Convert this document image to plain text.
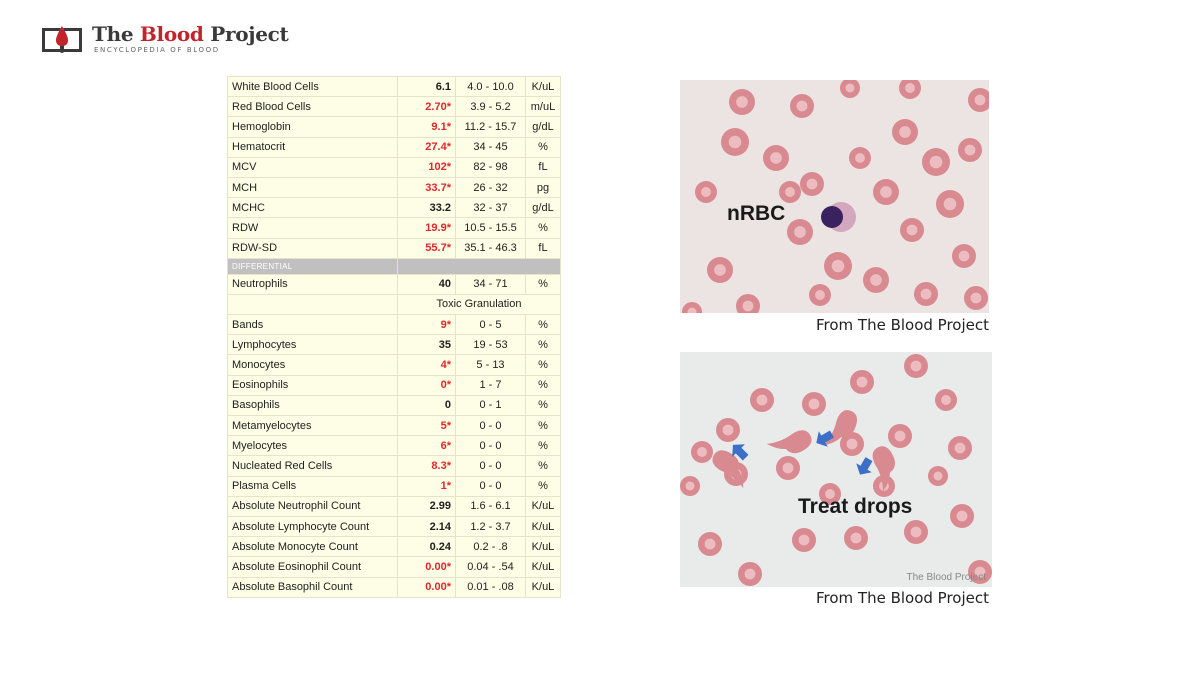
The Blood Project
ENCYCLOPEDIA OF BLOOD
White Blood Cells	6.1	4.0 - 10.0	K/uL
Red Blood Cells	2.70*	3.9 - 5.2	m/uL
Hemoglobin	9.1*	11.2 - 15.7	g/dL
Hematocrit	27.4*	34 - 45	%
MCV	102*	82 - 98	fL
MCH	33.7*	26 - 32	pg
MCHC	33.2	32 - 37	g/dL
RDW	19.9*	10.5 - 15.5	%
RDW-SD	55.7*	35.1 - 46.3	fL
DIFFERENTIAL			
Neutrophils	40	34 - 71	%
	Toxic Granulation		
Bands	9*	0 - 5	%
Lymphocytes	35	19 - 53	%
Monocytes	4*	5 - 13	%
Eosinophils	0*	1 - 7	%
Basophils	0	0 - 1	%
Metamyelocytes	5*	0 - 0	%
Myelocytes	6*	0 - 0	%
Nucleated Red Cells	8.3*	0 - 0	%
Plasma Cells	1*	0 - 0	%
Absolute Neutrophil Count	2.99	1.6 - 6.1	K/uL
Absolute Lymphocyte Count	2.14	1.2 - 3.7	K/uL
Absolute Monocyte Count	0.24	0.2 - .8	K/uL
Absolute Eosinophil Count	0.00*	0.04 - .54	K/uL
Absolute Basophil Count	0.00*	0.01 - .08	K/uL
nRBC
From The Blood Project
Treat drops
The Blood Project
From The Blood Project
